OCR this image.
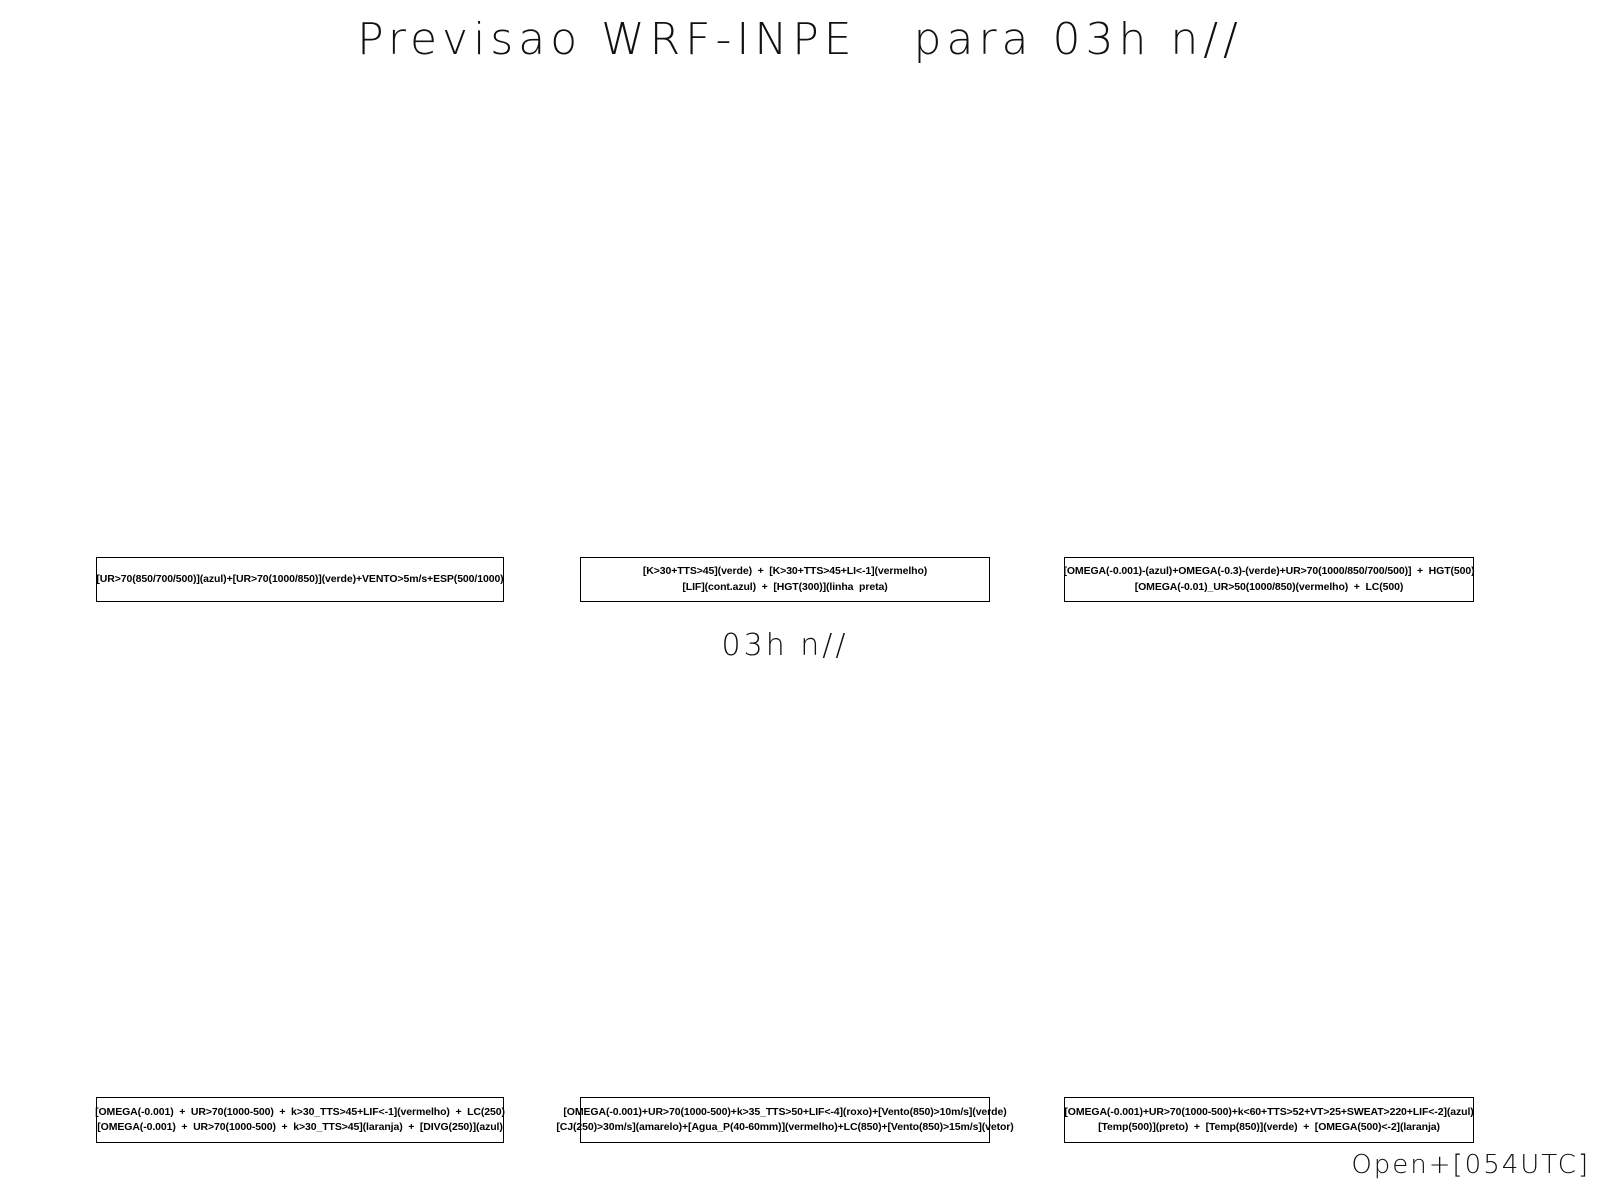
Previsao WRF-INPE   para 03h n//
[UR>70(850/700/500)](azul)+[UR>70(1000/850)](verde)+VENTO>5m/s+ESP(500/1000)
[K>30+TTS>45](verde)  +  [K>30+TTS>45+LI<-1](vermelho)
[LIF](cont.azul)  +  [HGT(300)](linha  preta)
[OMEGA(-0.001)-(azul)+OMEGA(-0.3)-(verde)+UR>70(1000/850/700/500)]  +  HGT(500)
[OMEGA(-0.01)_UR>50(1000/850)(vermelho)  +  LC(500)
03h n//
[OMEGA(-0.001)  +  UR>70(1000-500)  +  k>30_TTS>45+LIF<-1](vermelho)  +  LC(250)
[OMEGA(-0.001)  +  UR>70(1000-500)  +  k>30_TTS>45](laranja)  +  [DIVG(250)](azul)
[OMEGA(-0.001)+UR>70(1000-500)+k>35_TTS>50+LIF<-4](roxo)+[Vento(850)>10m/s](verde)
[CJ(250)>30m/s](amarelo)+[Agua_P(40-60mm)](vermelho)+LC(850)+[Vento(850)>15m/s](vetor)
[OMEGA(-0.001)+UR>70(1000-500)+k<60+TTS>52+VT>25+SWEAT>220+LIF<-2](azul)
[Temp(500)](preto)  +  [Temp(850)](verde)  +  [OMEGA(500)<-2](laranja)
Open+[054UTC]
